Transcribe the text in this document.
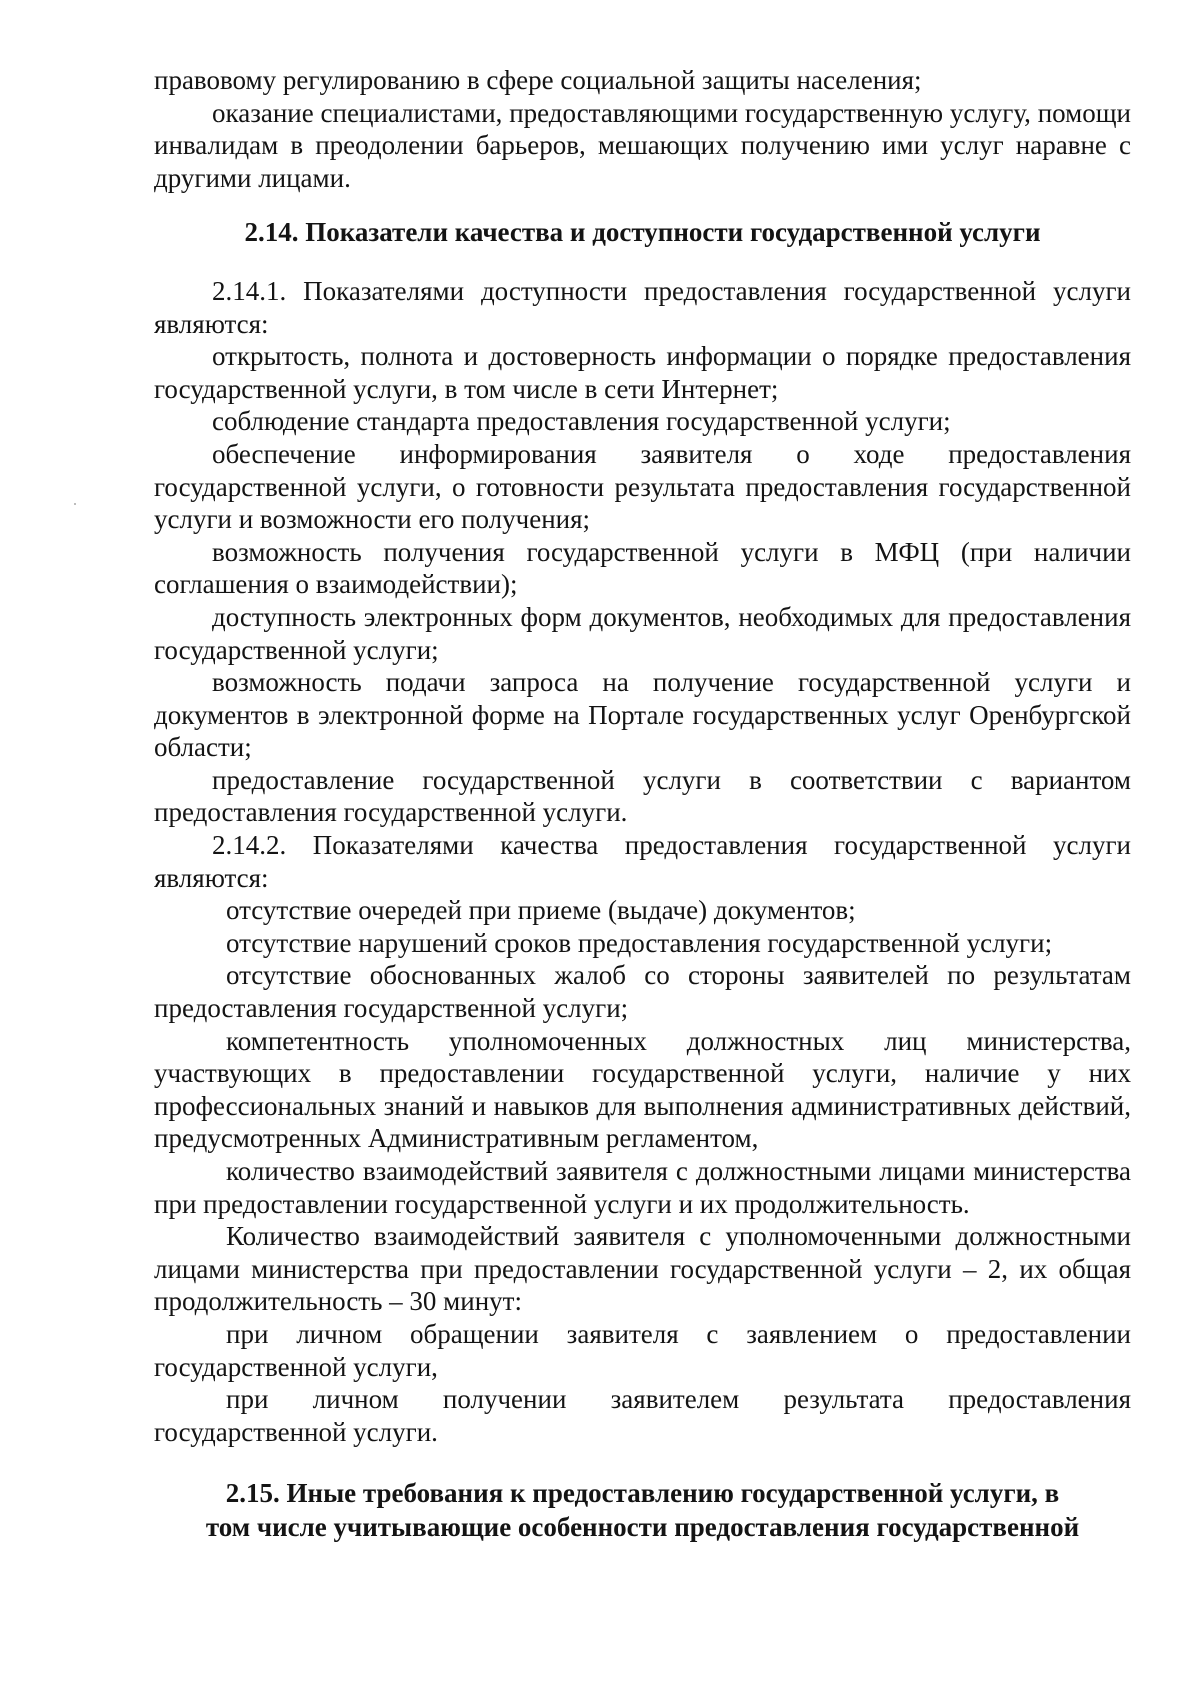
правовому регулированию в сфере социальной защиты населения;

оказание специалистами, предоставляющими государственную услугу, помощи инвалидам в преодолении барьеров, мешающих получению ими услуг наравне с другими лицами.

2.14. Показатели качества и доступности государственной услуги

2.14.1. Показателями доступности предоставления государственной услуги являются:

открытость, полнота и достоверность информации о порядке предоставления государственной услуги, в том числе в сети Интернет;

соблюдение стандарта предоставления государственной услуги;

обеспечение информирования заявителя о ходе предоставления государственной услуги, о готовности результата предоставления государственной услуги и возможности его получения;

возможность получения государственной услуги в МФЦ (при наличии соглашения о взаимодействии);

доступность электронных форм документов, необходимых для предоставления государственной услуги;

возможность подачи запроса на получение государственной услуги и документов в электронной форме на Портале государственных услуг Оренбургской области;

предоставление государственной услуги в соответствии с вариантом предоставления государственной услуги.

2.14.2. Показателями качества предоставления государственной услуги являются:

отсутствие очередей при приеме (выдаче) документов;

отсутствие нарушений сроков предоставления государственной услуги;

отсутствие обоснованных жалоб со стороны заявителей по результатам предоставления государственной услуги;

компетентность уполномоченных должностных лиц министерства, участвующих в предоставлении государственной услуги, наличие у них профессиональных знаний и навыков для выполнения административных действий, предусмотренных Административным регламентом,

количество взаимодействий заявителя с должностными лицами министерства при предоставлении государственной услуги и их продолжительность.

Количество взаимодействий заявителя с уполномоченными должностными лицами министерства при предоставлении государственной услуги – 2, их общая продолжительность – 30 минут:

при личном обращении заявителя с заявлением о предоставлении государственной услуги,

при личном получении заявителем результата предоставления государственной услуги.

2.15. Иные требования к предоставлению государственной услуги, в
том числе учитывающие особенности предоставления государственной
